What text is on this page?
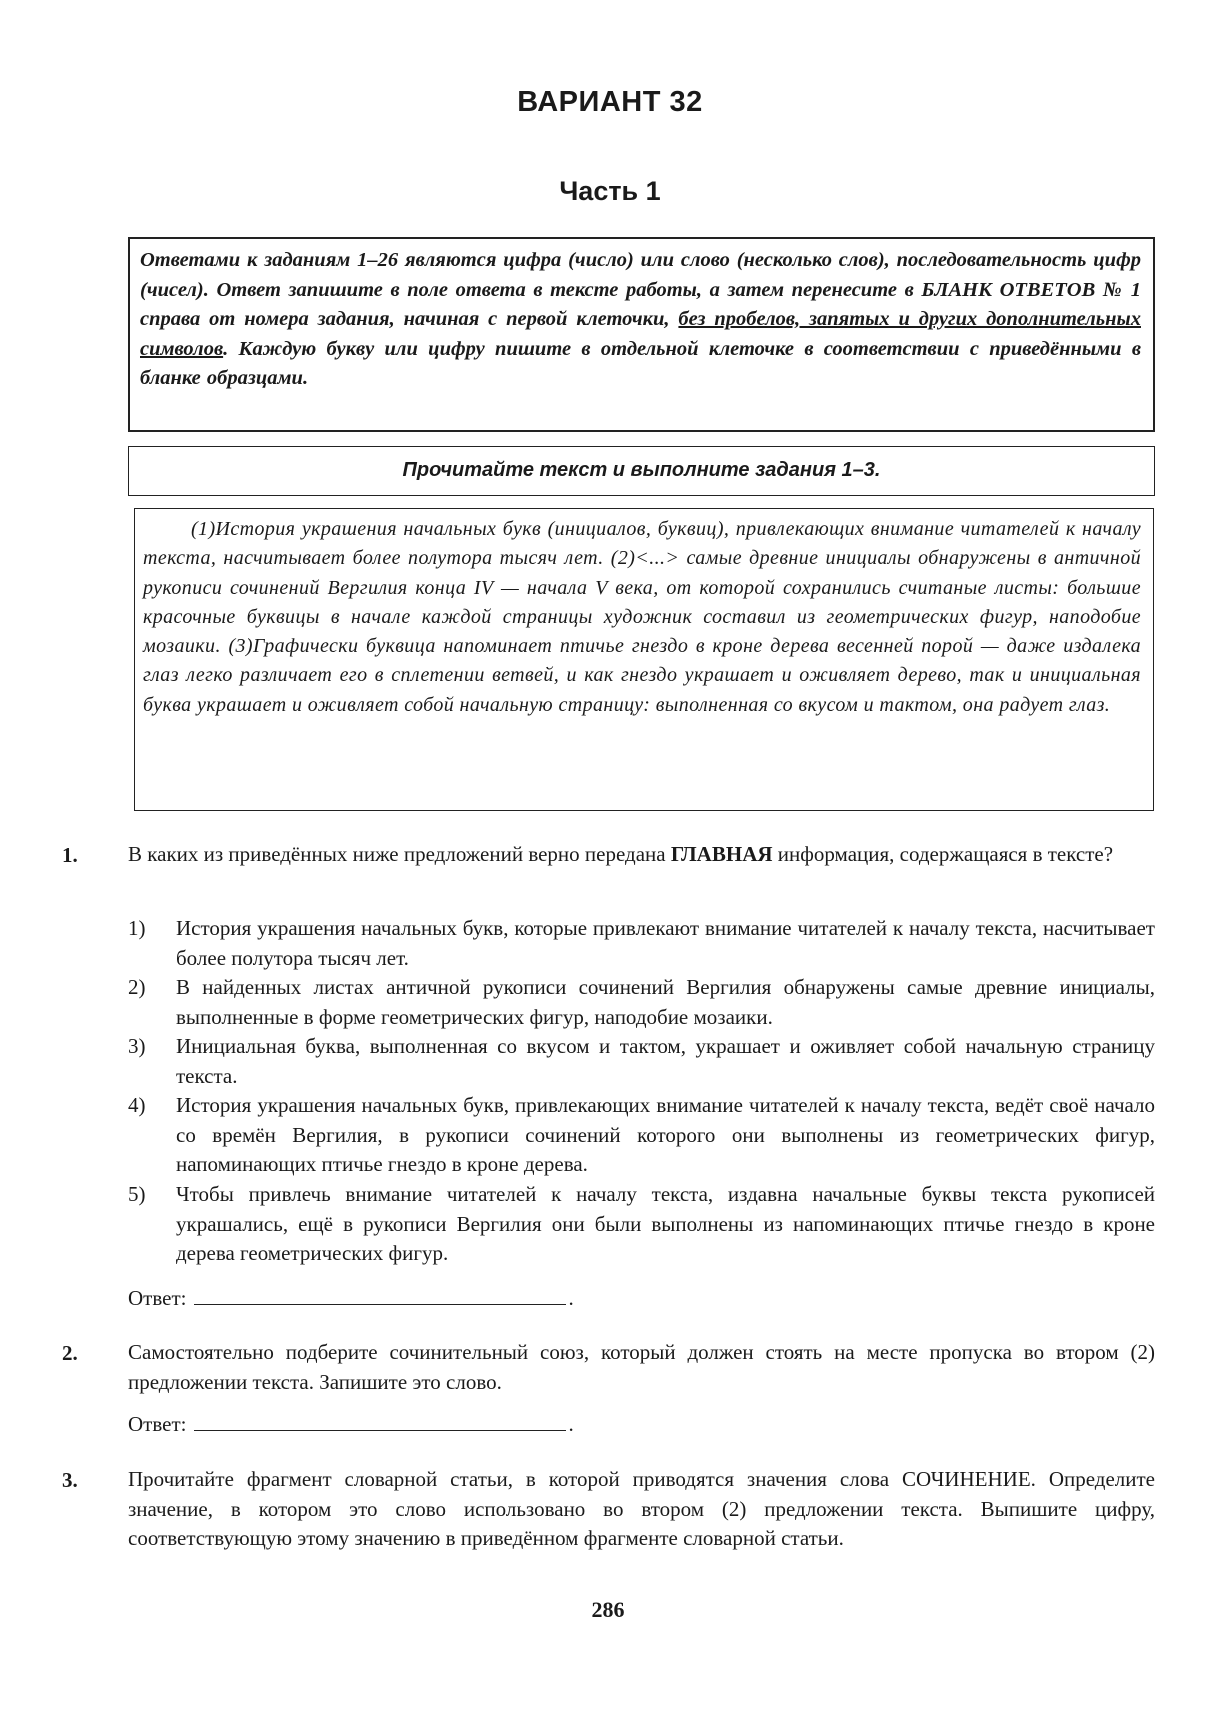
ВАРИАНТ 32
Часть 1
Ответами к заданиям 1–26 являются цифра (число) или слово (несколько слов), последовательность цифр (чисел). Ответ запишите в поле ответа в тексте работы, а затем перенесите в БЛАНК ОТВЕТОВ № 1 справа от номера задания, начиная с первой клеточки, без пробелов, запятых и других дополнительных символов. Каждую букву или цифру пишите в отдельной клеточке в соответствии с приведёнными в бланке образцами.
Прочитайте текст и выполните задания 1–3.
(1)История украшения начальных букв (инициалов, буквиц), привлекающих внимание читателей к началу текста, насчитывает более полутора тысяч лет. (2)<...> самые древние инициалы обнаружены в античной рукописи сочинений Вергилия конца IV — начала V века, от которой сохранились считаные листы: большие красочные буквицы в начале каждой страницы художник составил из геометрических фигур, наподобие мозаики. (3)Графически буквица напоминает птичье гнездо в кроне дерева весенней порой — даже издалека глаз легко различает его в сплетении ветвей, и как гнездо украшает и оживляет дерево, так и инициальная буква украшает и оживляет собой начальную страницу: выполненная со вкусом и тактом, она радует глаз.
1. В каких из приведённых ниже предложений верно передана ГЛАВНАЯ информация, содержащаяся в тексте?
1) История украшения начальных букв, которые привлекают внимание читателей к началу текста, насчитывает более полутора тысяч лет.
2) В найденных листах античной рукописи сочинений Вергилия обнаружены самые древние инициалы, выполненные в форме геометрических фигур, наподобие мозаики.
3) Инициальная буква, выполненная со вкусом и тактом, украшает и оживляет собой начальную страницу текста.
4) История украшения начальных букв, привлекающих внимание читателей к началу текста, ведёт своё начало со времён Вергилия, в рукописи сочинений которого они выполнены из геометрических фигур, напоминающих птичье гнездо в кроне дерева.
5) Чтобы привлечь внимание читателей к началу текста, издавна начальные буквы текста рукописей украшались, ещё в рукописи Вергилия они были выполнены из напоминающих птичье гнездо в кроне дерева геометрических фигур.
Ответ:	.
2. Самостоятельно подберите сочинительный союз, который должен стоять на месте пропуска во втором (2) предложении текста. Запишите это слово.
Ответ:	.
3. Прочитайте фрагмент словарной статьи, в которой приводятся значения слова СОЧИНЕНИЕ. Определите значение, в котором это слово использовано во втором (2) предложении текста. Выпишите цифру, соответствующую этому значению в приведённом фрагменте словарной статьи.
286
